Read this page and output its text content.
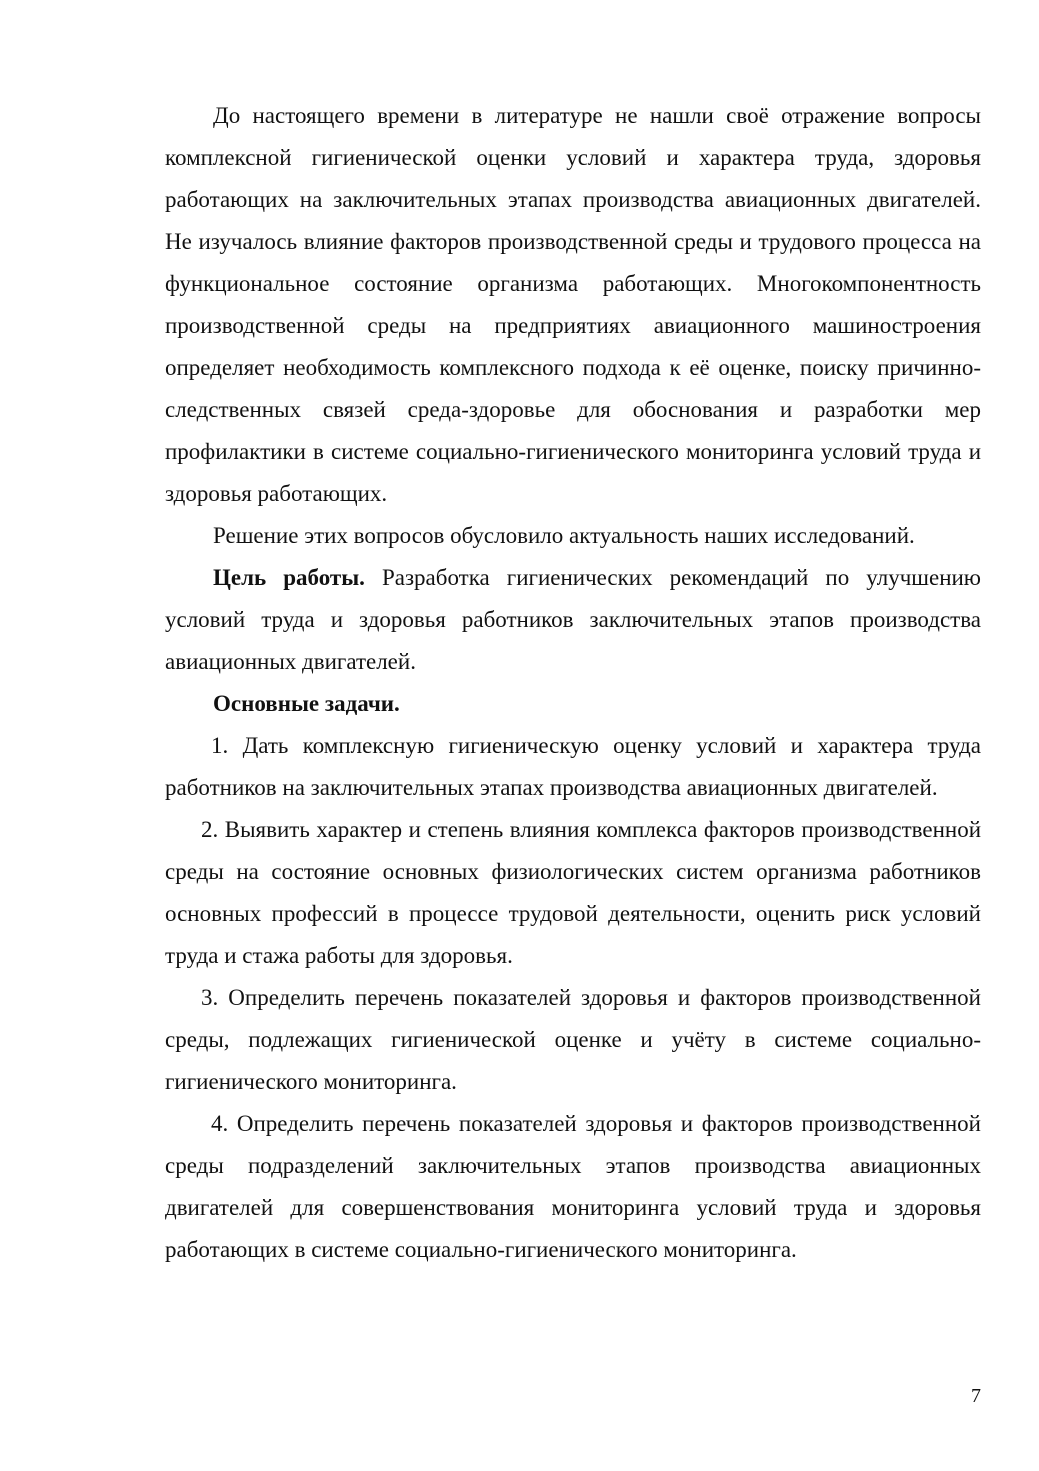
До настоящего времени в литературе не нашли своё отражение вопросы комплексной гигиенической оценки условий и характера труда, здоровья работающих на заключительных этапах производства авиационных двигателей. Не изучалось влияние факторов производственной среды и трудового процесса на функциональное состояние организма работающих. Многокомпонентность производственной среды на предприятиях авиационного машиностроения определяет необходимость комплексного подхода к её оценке, поиску причинно-следственных связей среда-здоровье для обоснования и разработки мер профилактики в системе социально-гигиенического мониторинга условий труда и здоровья работающих.

Решение этих вопросов обусловило актуальность наших исследований.

Цель работы. Разработка гигиенических рекомендаций по улучшению условий труда и здоровья работников заключительных этапов производства авиационных двигателей.

Основные задачи.

1. Дать комплексную гигиеническую оценку условий и характера труда работников на заключительных этапах производства авиационных двигателей.

2. Выявить характер и степень влияния комплекса факторов производственной среды на состояние основных физиологических систем организма работников основных профессий в процессе трудовой деятельности, оценить риск условий труда и стажа работы для здоровья.

3. Определить перечень показателей здоровья и факторов производственной среды, подлежащих гигиенической оценке и учёту в системе социально-гигиенического мониторинга.

4. Определить перечень показателей здоровья и факторов производственной среды подразделений заключительных этапов производства авиационных двигателей для совершенствования мониторинга условий труда и здоровья работающих в системе социально-гигиенического мониторинга.

7
